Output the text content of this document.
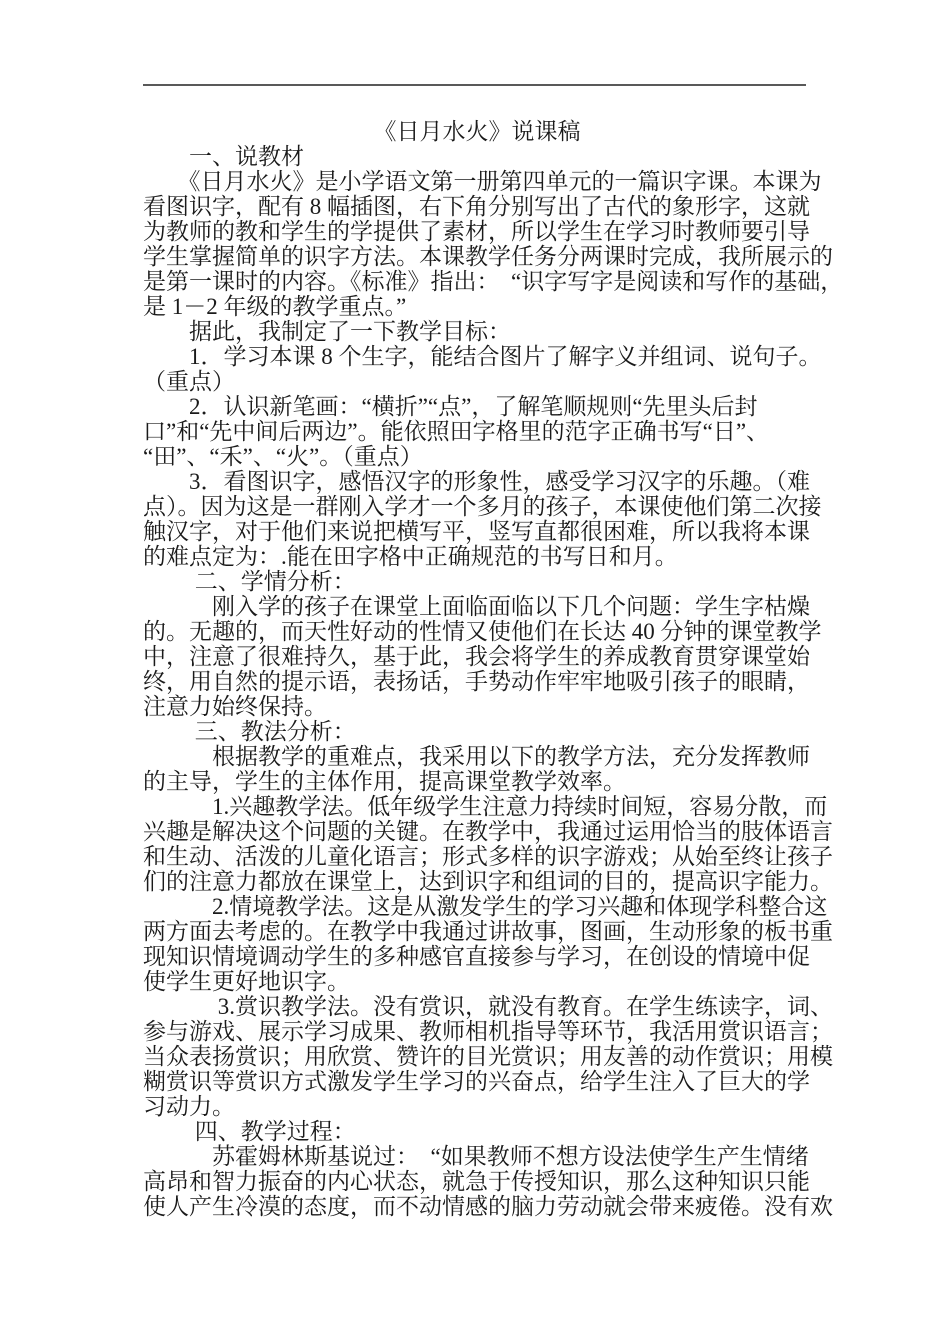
《日月水火》说课稿
　　一、说教材
　　《日月水火》是小学语文第一册第四单元的一篇识字课。本课为
看图识字，配有 8 幅插图，右下角分别写出了古代的象形字，这就
为教师的教和学生的学提供了素材，所以学生在学习时教师要引导
学生掌握简单的识字方法。本课教学任务分两课时完成，我所展示的
是第一课时的内容。《标准》指出：　“识字写字是阅读和写作的基础，
是 1－2 年级的教学重点。”
　　据此，我制定了一下教学目标：
　　1．学习本课 8 个生字，能结合图片了解字义并组词、说句子。
（重点）
　　2．认识新笔画：“横折”“点”，了解笔顺规则“先里头后封
口”和“先中间后两边”。能依照田字格里的范字正确书写“日”、
“田”、“禾”、“火”。（重点）
　　3．看图识字，感悟汉字的形象性，感受学习汉字的乐趣。（难
点）。因为这是一群刚入学才一个多月的孩子，本课使他们第二次接
触汉字，对于他们来说把横写平，竖写直都很困难，所以我将本课
的难点定为：.能在田字格中正确规范的书写日和月。
　　 二、学情分析：
　　　刚入学的孩子在课堂上面临面临以下几个问题：学生字枯燥
的。无趣的，而天性好动的性情又使他们在长达 40 分钟的课堂教学
中，注意了很难持久，基于此，我会将学生的养成教育贯穿课堂始
终，用自然的提示语，表扬话，手势动作牢牢地吸引孩子的眼睛，
注意力始终保持。
　　 三、教法分析：
　　　根据教学的重难点，我采用以下的教学方法，充分发挥教师
的主导，学生的主体作用，提高课堂教学效率。
　　　1.兴趣教学法。低年级学生注意力持续时间短，容易分散，而
兴趣是解决这个问题的关键。在教学中，我通过运用恰当的肢体语言
和生动、活泼的儿童化语言；形式多样的识字游戏；从始至终让孩子
们的注意力都放在课堂上，达到识字和组词的目的，提高识字能力。
　　　2.情境教学法。这是从激发学生的学习兴趣和体现学科整合这
两方面去考虑的。在教学中我通过讲故事，图画，生动形象的板书重
现知识情境调动学生的多种感官直接参与学习，在创设的情境中促
使学生更好地识字。
　　　 3.赏识教学法。没有赏识，就没有教育。在学生练读字，词、
参与游戏、展示学习成果、教师相机指导等环节，我活用赏识语言；
当众表扬赏识；用欣赏、赞许的目光赏识；用友善的动作赏识；用模
糊赏识等赏识方式激发学生学习的兴奋点，给学生注入了巨大的学
习动力。
　　 四、教学过程：
　　　苏霍姆林斯基说过：　“如果教师不想方设法使学生产生情绪
高昂和智力振奋的内心状态，就急于传授知识，那么这种知识只能
使人产生冷漠的态度，而不动情感的脑力劳动就会带来疲倦。没有欢
